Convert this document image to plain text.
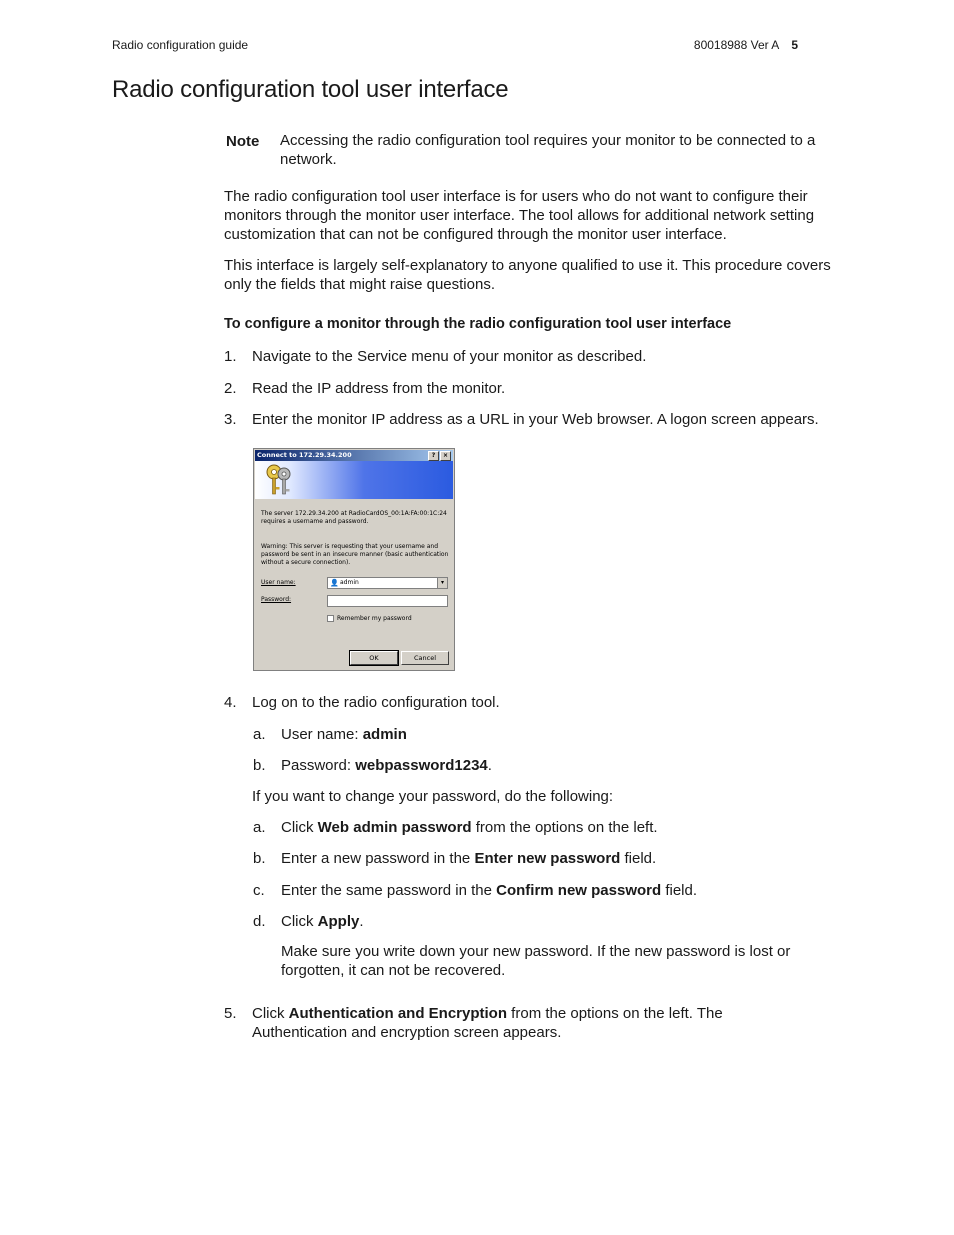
Radio configuration guide	80018988 Ver A 5
Radio configuration tool user interface
Note Accessing the radio configuration tool requires your monitor to be connected to a network.
The radio configuration tool user interface is for users who do not want to configure their monitors through the monitor user interface. The tool allows for additional network setting customization that can not be configured through the monitor user interface.
This interface is largely self-explanatory to anyone qualified to use it. This procedure covers only the fields that might raise questions.
To configure a monitor through the radio configuration tool user interface
1.	Navigate to the Service menu of your monitor as described.
2.	Read the IP address from the monitor.
3.	Enter the monitor IP address as a URL in your Web browser. A logon screen appears.
Connect to 172.29.34.200	?	×
The server 172.29.34.200 at RadioCardOS_00:1A:FA:00:1C:24 requires a username and password.
Warning: This server is requesting that your username and password be sent in an insecure manner (basic authentication without a secure connection).
User name:	👤 admin	▾
Password:
Remember my password
OK	Cancel
4.	Log on to the radio configuration tool.
a.	User name: admin
b.	Password: webpassword1234.
If you want to change your password, do the following:
a.	Click Web admin password from the options on the left.
b.	Enter a new password in the Enter new password field.
c.	Enter the same password in the Confirm new password field.
d.	Click Apply.
Make sure you write down your new password. If the new password is lost or forgotten, it can not be recovered.
5.	Click Authentication and Encryption from the options on the left. The Authentication and encryption screen appears.
